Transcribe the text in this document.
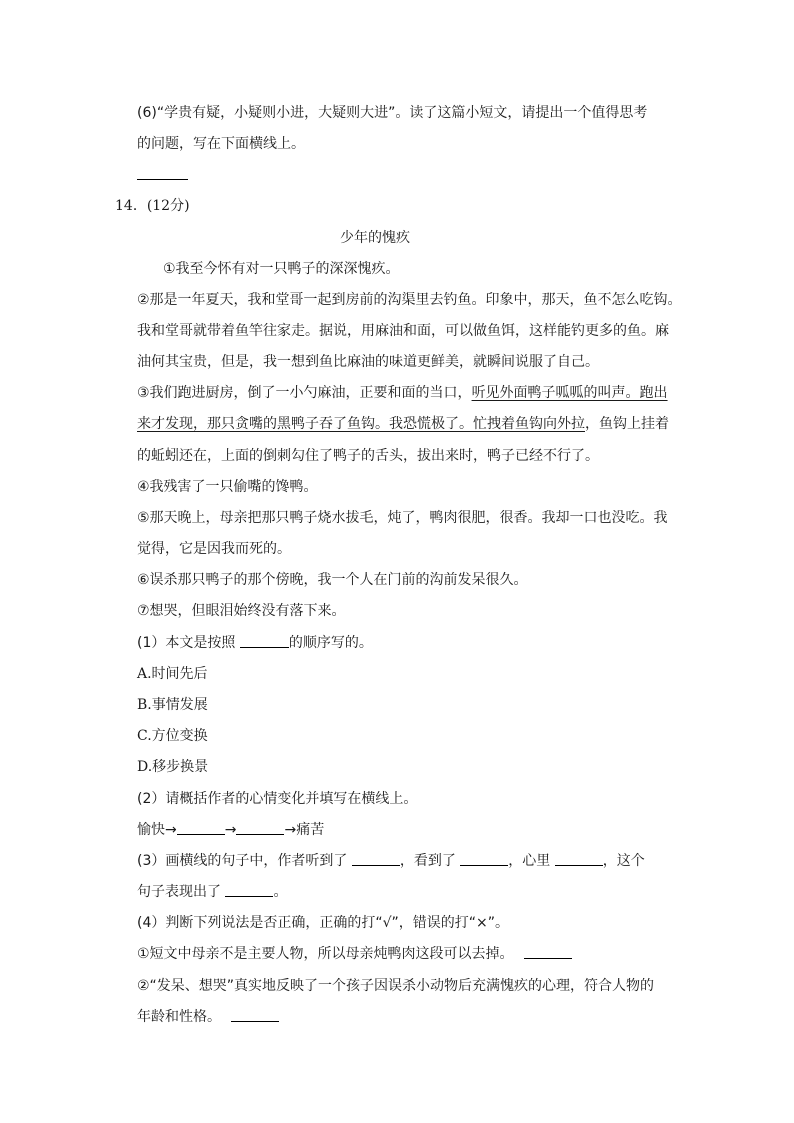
(6)“学贵有疑，小疑则小进，大疑则大进”。读了这篇小短文，请提出一个值得思考
的问题，写在下面横线上。
14．(12分)
少年的愧疚
①我至今怀有对一只鸭子的深深愧疚。
②那是一年夏天，我和堂哥一起到房前的沟渠里去钓鱼。印象中，那天，鱼不怎么吃钩。
我和堂哥就带着鱼竿往家走。据说，用麻油和面，可以做鱼饵，这样能钓更多的鱼。麻
油何其宝贵，但是，我一想到鱼比麻油的味道更鲜美，就瞬间说服了自己。
③我们跑进厨房，倒了一小勺麻油，正要和面的当口，听见外面鸭子呱呱的叫声。跑出
来才发现，那只贪嘴的黑鸭子吞了鱼钩。我恐慌极了。忙拽着鱼钩向外拉，鱼钩上挂着
的蚯蚓还在，上面的倒刺勾住了鸭子的舌头，拔出来时，鸭子已经不行了。
④我残害了一只偷嘴的馋鸭。
⑤那天晚上，母亲把那只鸭子烧水拔毛，炖了，鸭肉很肥，很香。我却一口也没吃。我
觉得，它是因我而死的。
⑥误杀那只鸭子的那个傍晚，我一个人在门前的沟前发呆很久。
⑦想哭，但眼泪始终没有落下来。
(1）本文是按照	的顺序写的。
A.时间先后
B.事情发展
C.方位变换
D.移步换景
(2）请概括作者的心情变化并填写在横线上。
愉快→	→	→痛苦
(3）画横线的句子中，作者听到了	，看到了	，心里	，这个
句子表现出了	。
(4）判断下列说法是否正确，正确的打“√”，错误的打“×”。
①短文中母亲不是主要人物，所以母亲炖鸭肉这段可以去掉。
②“发呆、想哭”真实地反映了一个孩子因误杀小动物后充满愧疚的心理，符合人物的
年龄和性格。
